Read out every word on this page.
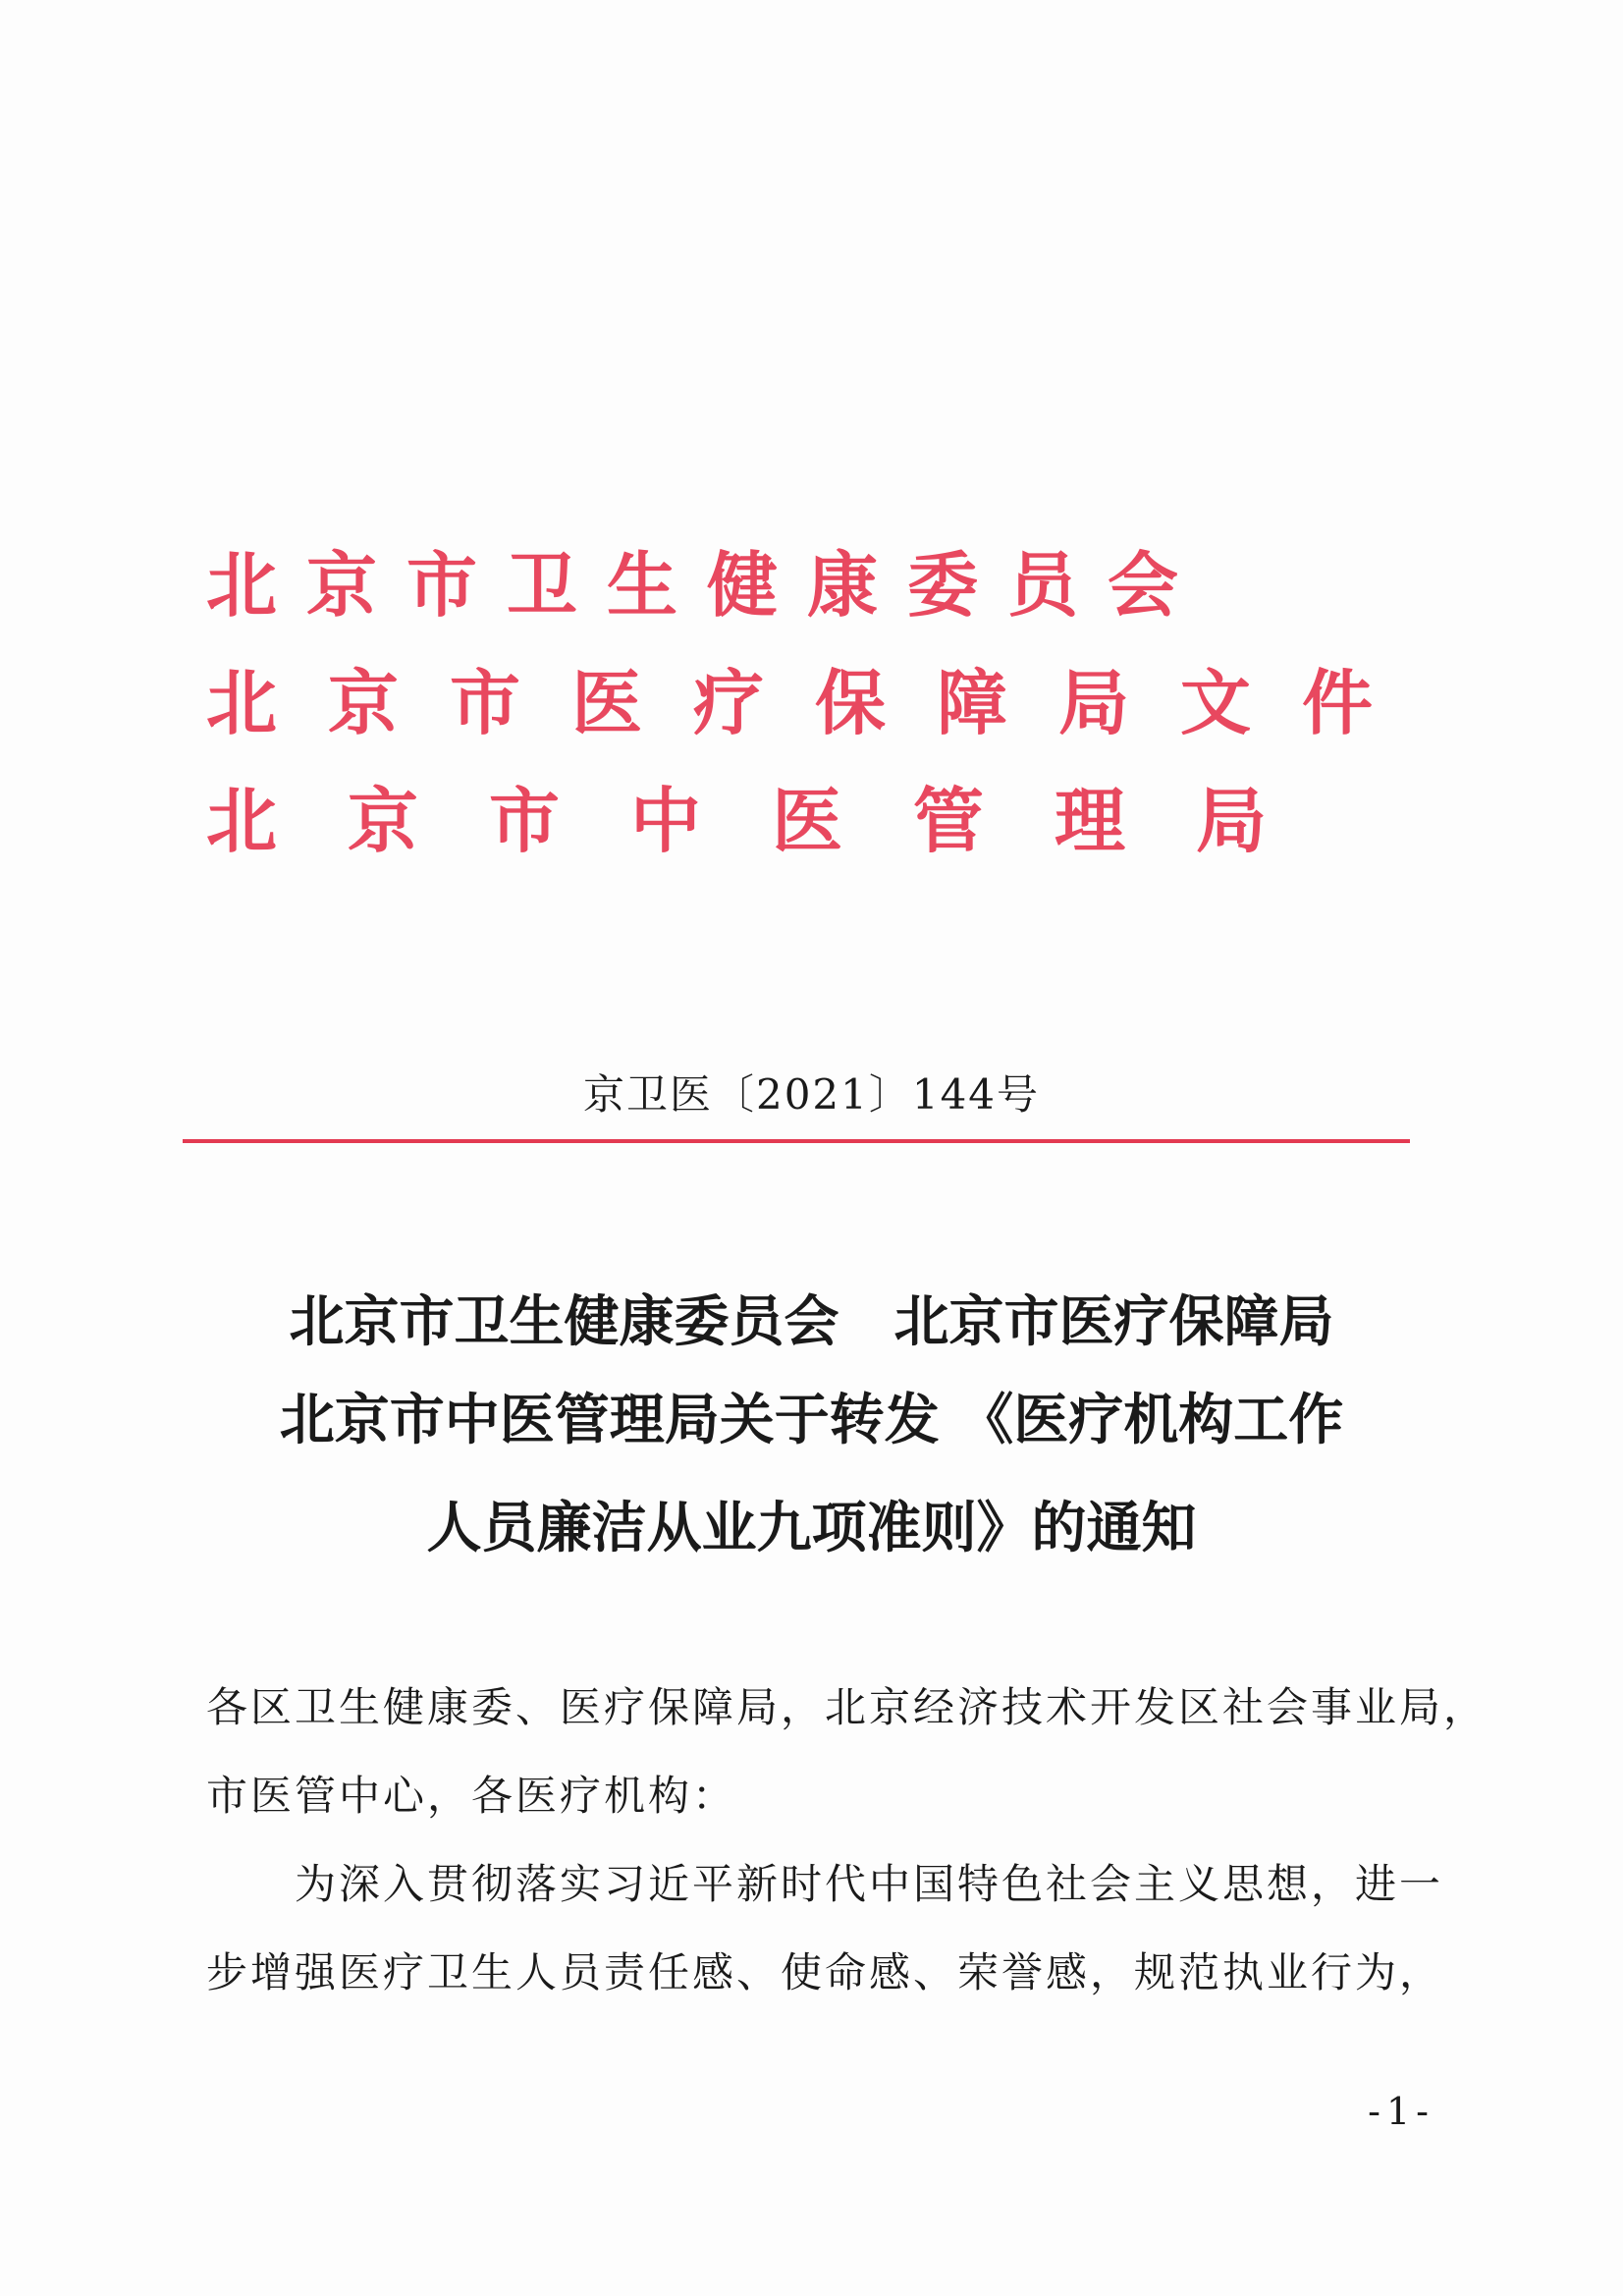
北京市卫生健康委员会
北京市医疗保障局文件
北京市中医管理局
京卫医〔2021〕144号
北京市卫生健康委员会　北京市医疗保障局
北京市中医管理局关于转发 《医疗机构工作
人员廉洁从业九项准则》的通知
各区卫生健康委、医疗保障局，北京经济技术开发区社会事业局，
市医管中心，各医疗机构：
为深入贯彻落实习近平新时代中国特色社会主义思想，进一
步增强医疗卫生人员责任感、使命感、荣誉感，规范执业行为，
-1-
